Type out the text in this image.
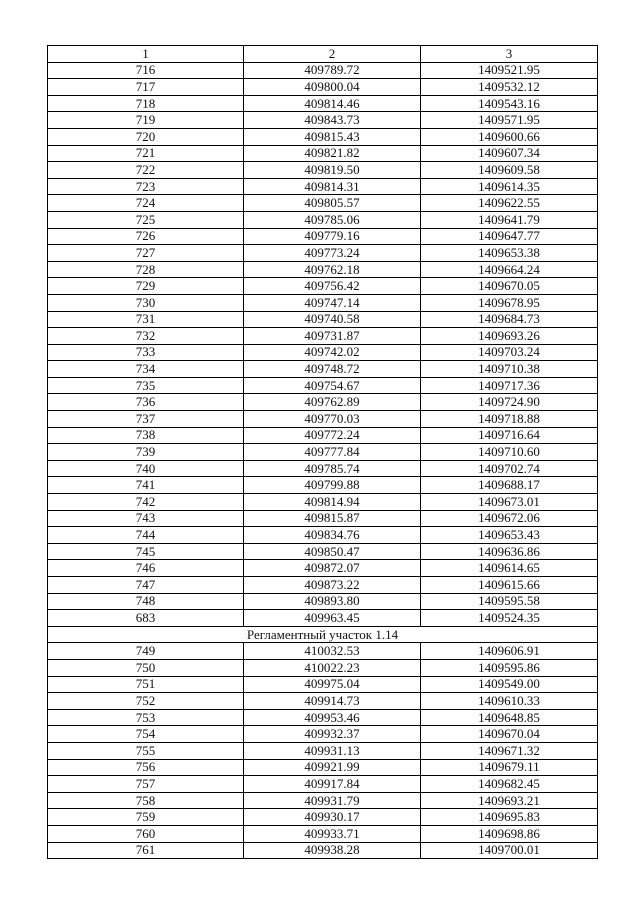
1	2	3
716	409789.72	1409521.95
717	409800.04	1409532.12
718	409814.46	1409543.16
719	409843.73	1409571.95
720	409815.43	1409600.66
721	409821.82	1409607.34
722	409819.50	1409609.58
723	409814.31	1409614.35
724	409805.57	1409622.55
725	409785.06	1409641.79
726	409779.16	1409647.77
727	409773.24	1409653.38
728	409762.18	1409664.24
729	409756.42	1409670.05
730	409747.14	1409678.95
731	409740.58	1409684.73
732	409731.87	1409693.26
733	409742.02	1409703.24
734	409748.72	1409710.38
735	409754.67	1409717.36
736	409762.89	1409724.90
737	409770.03	1409718.88
738	409772.24	1409716.64
739	409777.84	1409710.60
740	409785.74	1409702.74
741	409799.88	1409688.17
742	409814.94	1409673.01
743	409815.87	1409672.06
744	409834.76	1409653.43
745	409850.47	1409636.86
746	409872.07	1409614.65
747	409873.22	1409615.66
748	409893.80	1409595.58
683	409963.45	1409524.35
Регламентный участок 1.14		
749	410032.53	1409606.91
750	410022.23	1409595.86
751	409975.04	1409549.00
752	409914.73	1409610.33
753	409953.46	1409648.85
754	409932.37	1409670.04
755	409931.13	1409671.32
756	409921.99	1409679.11
757	409917.84	1409682.45
758	409931.79	1409693.21
759	409930.17	1409695.83
760	409933.71	1409698.86
761	409938.28	1409700.01
